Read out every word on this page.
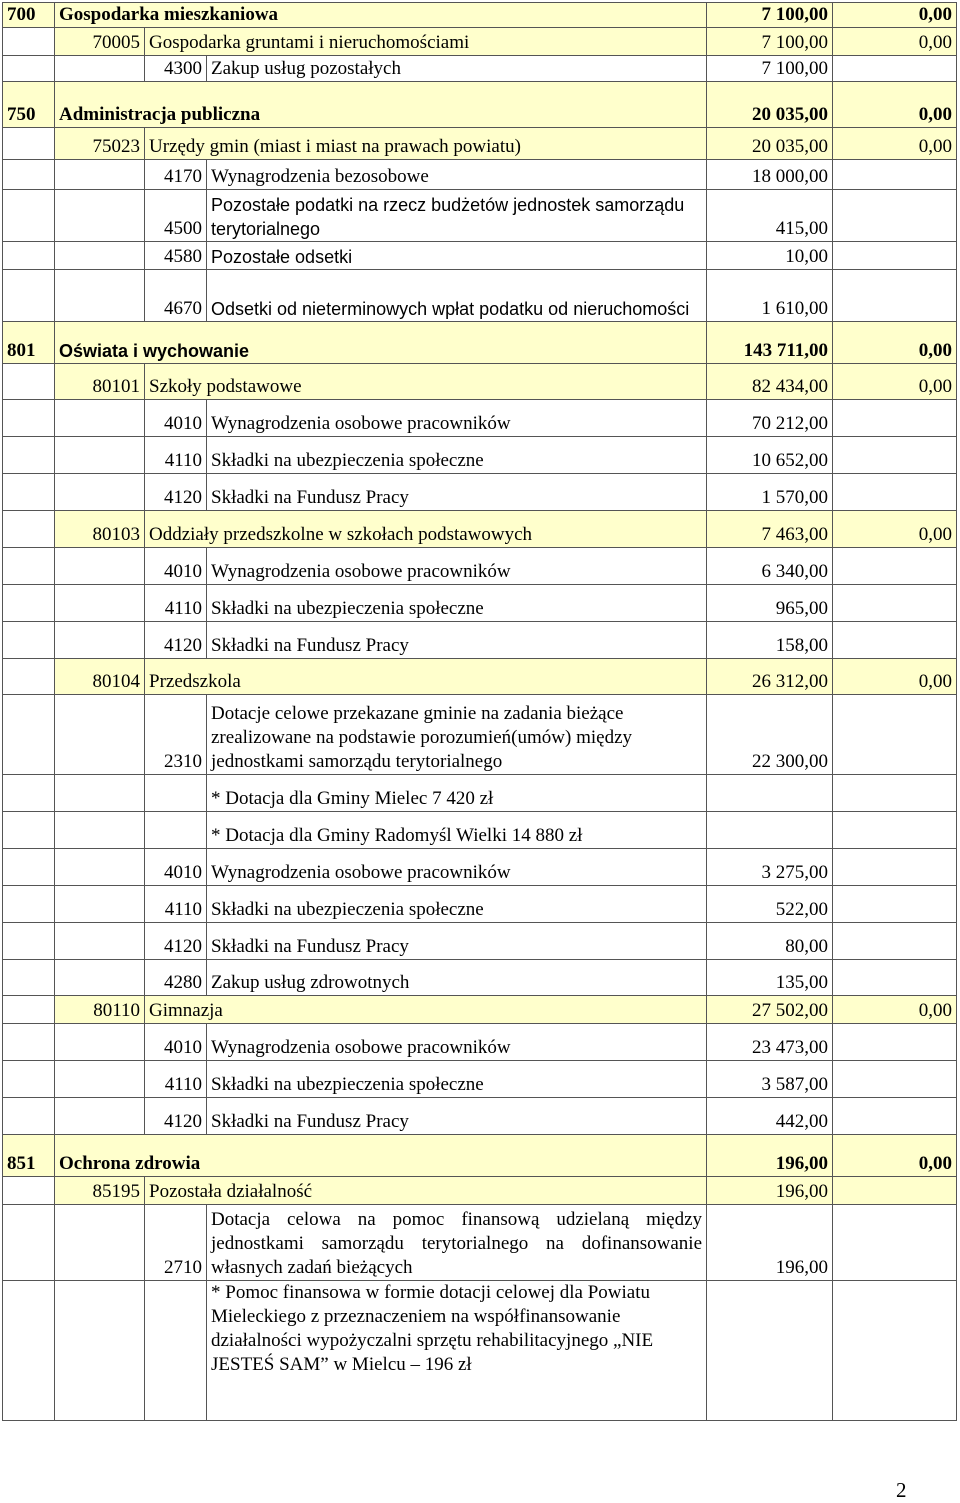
700	Gospodarka mieszkaniowa			7 100,00	0,00
	70005	Gospodarka gruntami i nieruchomościami		7 100,00	0,00
		4300	Zakup usług pozostałych	7 100,00	
750	Administracja publiczna			20 035,00	0,00
	75023	Urzędy gmin (miast i miast na prawach powiatu)		20 035,00	0,00
		4170	Wynagrodzenia bezosobowe	18 000,00	
		4500	Pozostałe podatki na rzecz budżetów jednostek samorządu terytorialnego	415,00	
		4580	Pozostałe odsetki	10,00	
		4670	Odsetki od nieterminowych wpłat podatku od nieruchomości	1 610,00	
801	Oświata i wychowanie			143 711,00	0,00
	80101	Szkoły podstawowe		82 434,00	0,00
		4010	Wynagrodzenia osobowe pracowników	70 212,00	
		4110	Składki na ubezpieczenia społeczne	10 652,00	
		4120	Składki na Fundusz Pracy	1 570,00	
	80103	Oddziały przedszkolne w szkołach podstawowych		7 463,00	0,00
		4010	Wynagrodzenia osobowe pracowników	6 340,00	
		4110	Składki na ubezpieczenia społeczne	965,00	
		4120	Składki na Fundusz Pracy	158,00	
	80104	Przedszkola		26 312,00	0,00
		2310	Dotacje celowe przekazane gminie na zadania bieżące zrealizowane na podstawie porozumień(umów) między jednostkami samorządu terytorialnego	22 300,00	
			* Dotacja dla Gminy Mielec 7 420 zł		
			* Dotacja dla Gminy Radomyśl Wielki 14 880 zł		
		4010	Wynagrodzenia osobowe pracowników	3 275,00	
		4110	Składki na ubezpieczenia społeczne	522,00	
		4120	Składki na Fundusz Pracy	80,00	
		4280	Zakup usług zdrowotnych	135,00	
	80110	Gimnazja		27 502,00	0,00
		4010	Wynagrodzenia osobowe pracowników	23 473,00	
		4110	Składki na ubezpieczenia społeczne	3 587,00	
		4120	Składki na Fundusz Pracy	442,00	
851	Ochrona zdrowia			196,00	0,00
	85195	Pozostała działalność		196,00	
		2710	Dotacja celowa na pomoc finansową udzielaną między jednostkami samorządu terytorialnego na dofinansowanie własnych zadań bieżących	196,00	
			* Pomoc finansowa w formie dotacji celowej dla Powiatu Mieleckiego z przeznaczeniem na współfinansowanie działalności wypożyczalni sprzętu rehabilitacyjnego „NIE JESTEŚ SAM” w Mielcu – 196 zł		
2
